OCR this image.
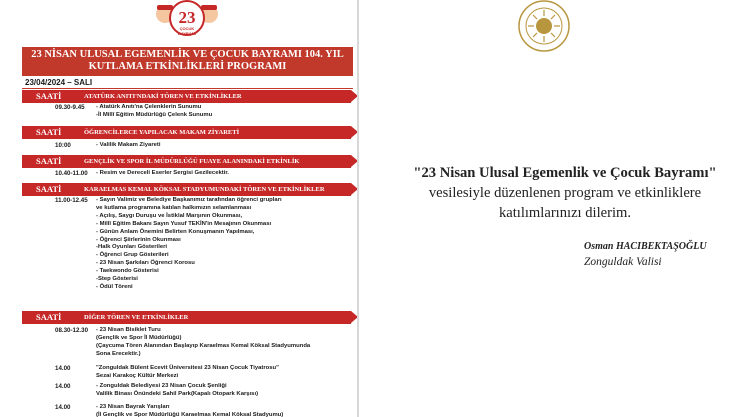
23
ÇOCUK
BAYRAMI
23 NİSAN ULUSAL EGEMENLİK VE ÇOCUK BAYRAMI 104. YIL
KUTLAMA ETKİNLİKLERİ PROGRAMI
23/04/2024 – SALI
SAATİ	ATATÜRK ANITI'NDAKİ TÖREN VE ETKİNLİKLER
09.30-9.45 - Atatürk Anıtı'na Çelenklerin Sunumu
-İl Millî Eğitim Müdürlüğü Çelenk Sunumu
SAATİ	ÖĞRENCİLERCE YAPILACAK MAKAM ZİYARETİ
10:00	- Valilik Makam Ziyareti
SAATİ	GENÇLİK VE SPOR İL MÜDÜRLÜĞÜ FUAYE ALANINDAKİ ETKİNLİK
10.40-11.00 - Resim ve Dereceli Eserler Sergisi Gezilecektir.
SAATİ	KARAELMAS KEMAL KÖKSAL STADYUMUNDAKİ TÖREN VE ETKİNLİKLER
11.00-12.45 - Sayın Valimiz ve Belediye Başkanımız tarafından öğrenci grupları
ve kutlama programına katılan halkımızın selamlanması
- Açılış, Saygı Duruşu ve İstiklal Marşının Okunması,
- Millî Eğitim Bakanı Sayın Yusuf TEKİN'in Mesajının Okunması
- Günün Anlam Önemini Belirten Konuşmanın Yapılması,
- Öğrenci Şiirlerinin Okunması
-Halk Oyunları Gösterileri
- Öğrenci Grup Gösterileri
- 23 Nisan Şarkıları Öğrenci Korosu
- Taekwondo Gösterisi
-Step Gösterisi
- Ödül Töreni
SAATİ	DİĞER TÖREN VE ETKİNLİKLER
08.30-12.30 - 23 Nisan Bisiklet Turu
(Gençlik ve Spor İl Müdürlüğü)
(Çaycuma Tören Alanından Başlayıp Karaelmas Kemal Köksal Stadyumunda
Sona Erecektir.)
14.00	"Zonguldak Bülent Ecevit Üniversitesi 23 Nisan Çocuk Tiyatrosu"
Sezai Karakoç Kültür Merkezi
14.00	- Zonguldak Belediyesi 23 Nisan Çocuk Şenliği
Valilik Binası Önündeki Sahil Park(Kapalı Otopark Karşısı)
14.00	- 23 Nisan Bayrak Yarışları
(İl Gençlik ve Spor Müdürlüğü Karaelmas Kemal Köksal Stadyumu)
"23 Nisan Ulusal Egemenlik ve Çocuk Bayramı" vesilesiyle düzenlenen program ve etkinliklere katılımlarınızı dilerim.
Osman HACIBEKTAŞOĞLU
Zonguldak Valisi
